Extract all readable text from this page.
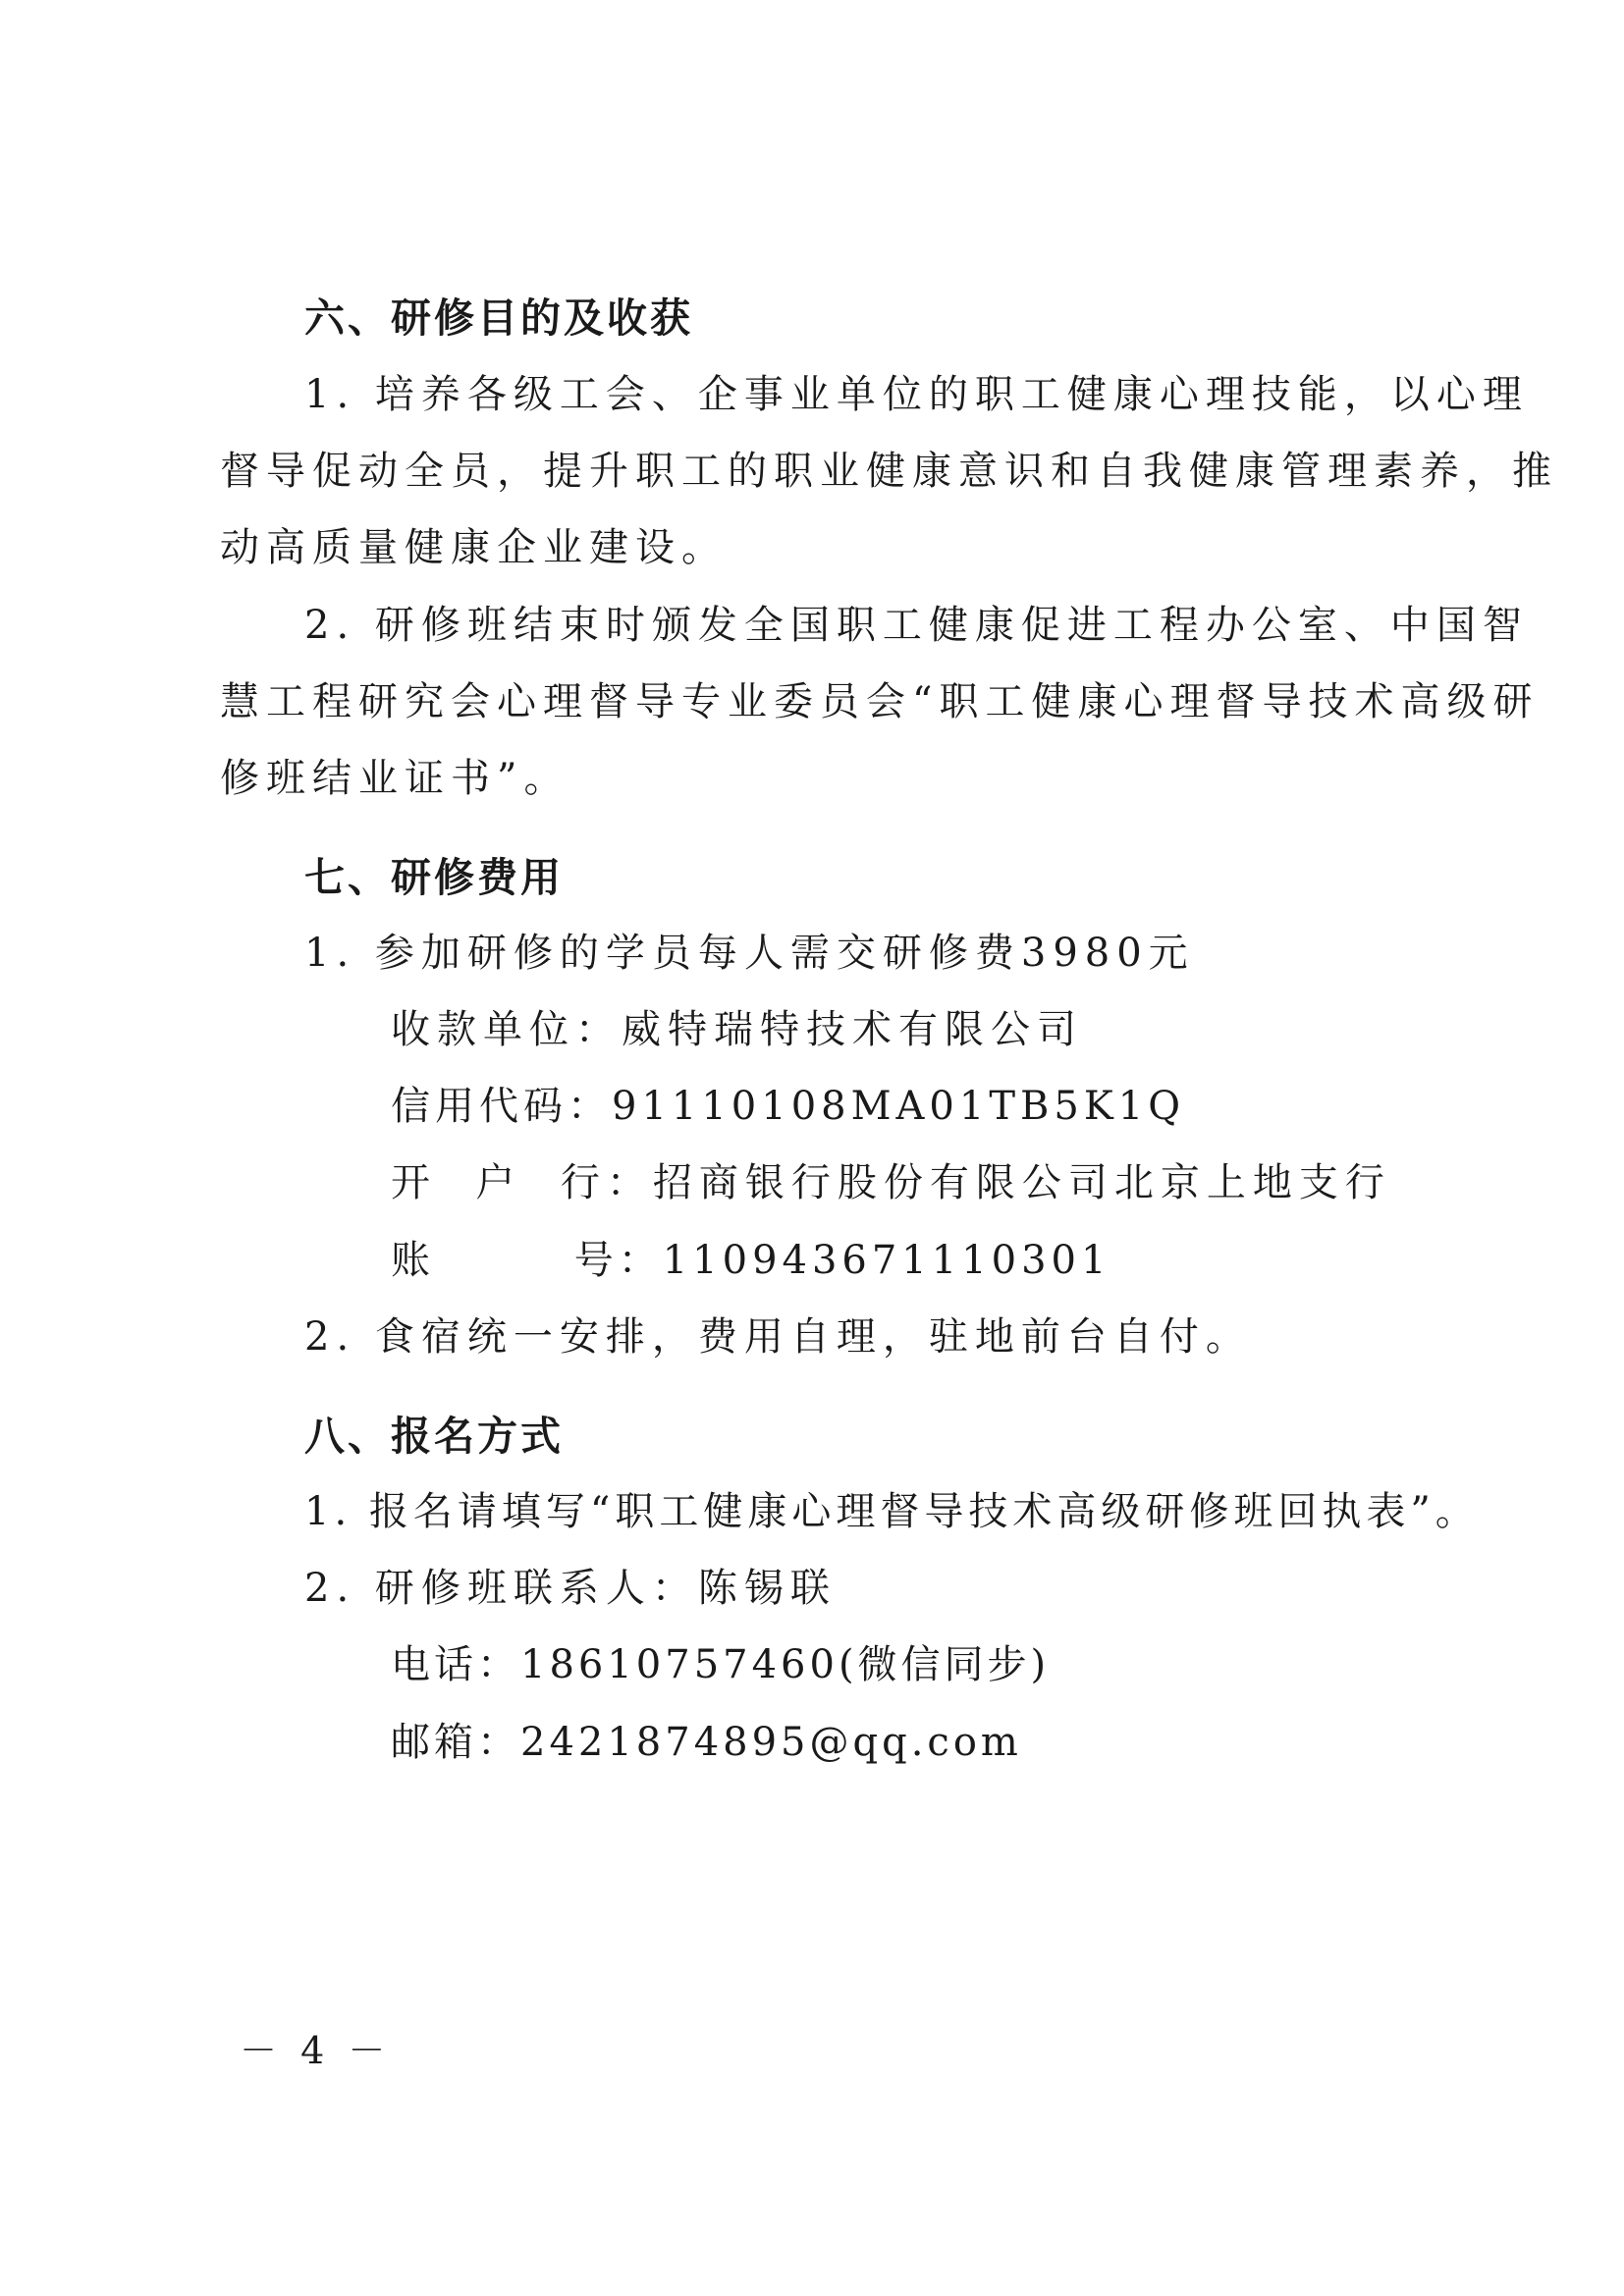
六、研修目的及收获
1. 培养各级工会、企事业单位的职工健康心理技能，以心理
督导促动全员，提升职工的职业健康意识和自我健康管理素养，推
动高质量健康企业建设。
2. 研修班结束时颁发全国职工健康促进工程办公室、中国智
慧工程研究会心理督导专业委员会“职工健康心理督导技术高级研
修班结业证书”。
七、研修费用
1. 参加研修的学员每人需交研修费3980元
收款单位：威特瑞特技术有限公司
信用代码：91110108MA01TB5K1Q
开  户  行：招商银行股份有限公司北京上地支行
账        号：110943671110301
2. 食宿统一安排，费用自理，驻地前台自付。
八、报名方式
1. 报名请填写“职工健康心理督导技术高级研修班回执表”。
2. 研修班联系人：陈锡联
电话：18610757460(微信同步)
邮箱：2421874895@qq.com
－ 4 －
